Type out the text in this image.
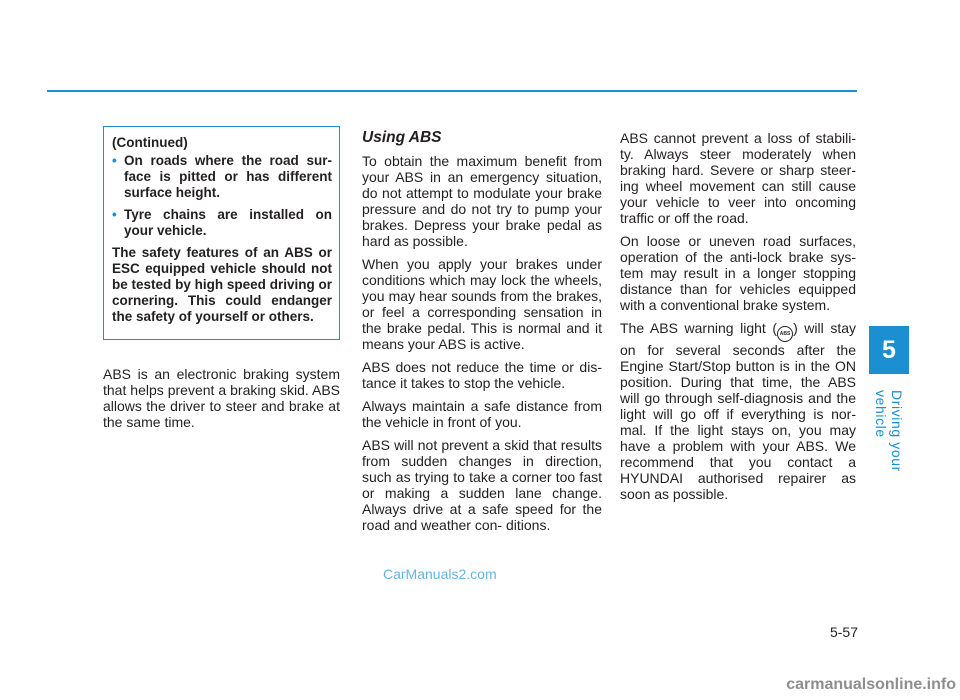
5
Driving your vehicle

(Continued)

• On roads where the road sur- face is pitted or has different surface height.
• Tyre chains are installed on your vehicle.

The safety features of an ABS or ESC equipped vehicle should not be tested by high speed driving or cornering. This could endanger the safety of yourself or others.

ABS is an electronic braking system that helps prevent a braking skid. ABS allows the driver to steer and brake at the same time.

Using ABS

To obtain the maximum benefit from your ABS in an emergency situation, do not attempt to modulate your brake pressure and do not try to pump your brakes. Depress your brake pedal as hard as possible.

When you apply your brakes under conditions which may lock the wheels, you may hear sounds from the brakes, or feel a corresponding sensation in the brake pedal. This is normal and it means your ABS is active.

ABS does not reduce the time or dis- tance it takes to stop the vehicle.

Always maintain a safe distance from the vehicle in front of you.

ABS will not prevent a skid that results from sudden changes in direction, such as trying to take a corner too fast or making a sudden lane change. Always drive at a safe speed for the road and weather con- ditions.

ABS cannot prevent a loss of stabili- ty. Always steer moderately when braking hard. Severe or sharp steer- ing wheel movement can still cause your vehicle to veer into oncoming traffic or off the road.

On loose or uneven road surfaces, operation of the anti-lock brake sys- tem may result in a longer stopping distance than for vehicles equipped with a conventional brake system.

The ABS warning light ( ABS ) will stay on for several seconds after the Engine Start/Stop button is in the ON position. During that time, the ABS will go through self-diagnosis and the light will go off if everything is nor- mal. If the light stays on, you may have a problem with your ABS. We recommend that you contact a HYUNDAI authorised repairer as soon as possible.

CarManuals2.com
5-57
carmanualsonline.info
